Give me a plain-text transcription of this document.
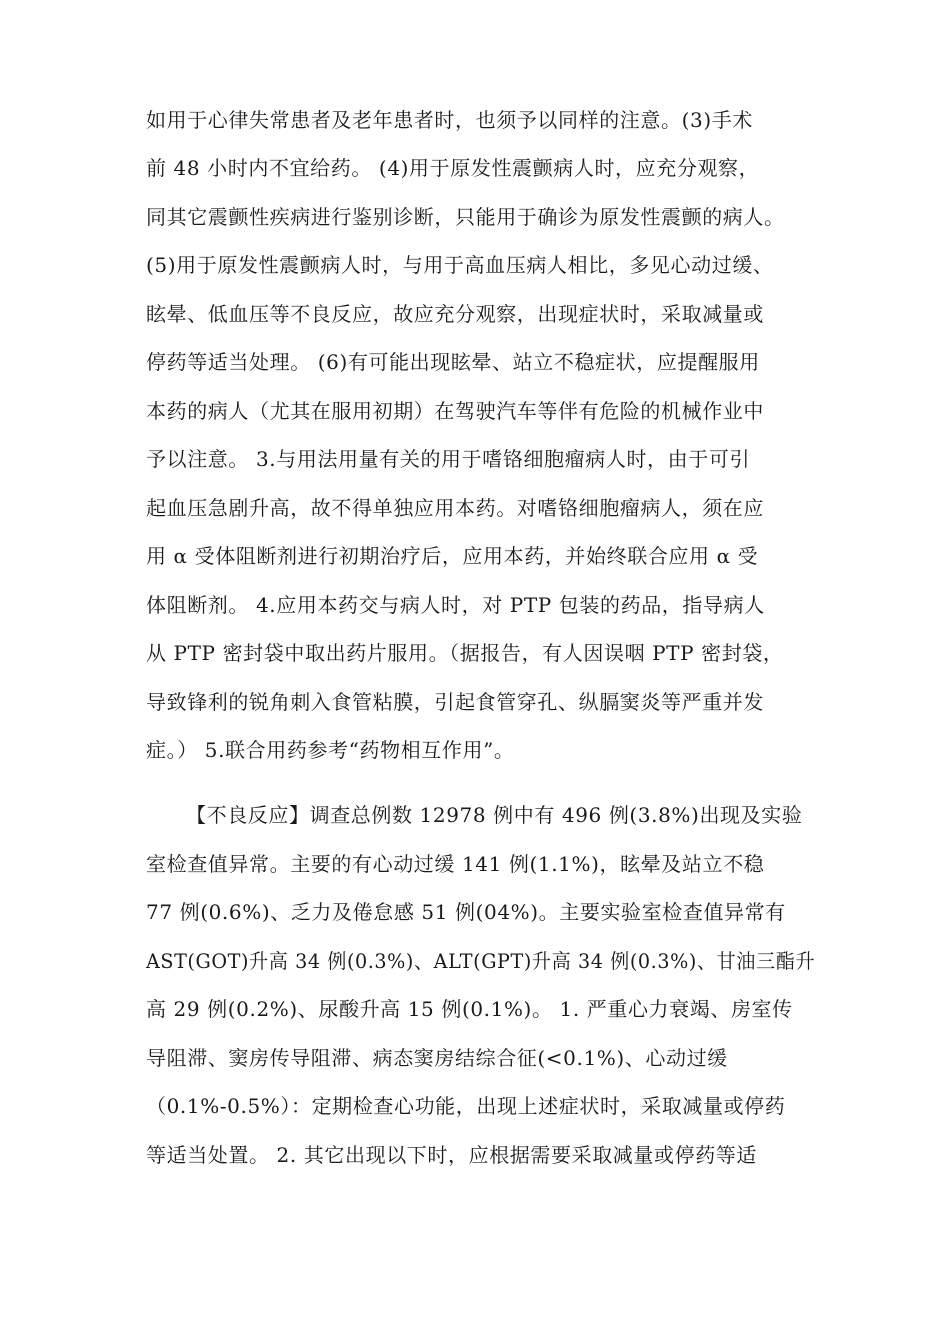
如用于心律失常患者及老年患者时，也须予以同样的注意。(3)手术
前 48 小时内不宜给药。 (4)用于原发性震颤病人时，应充分观察，
同其它震颤性疾病进行鉴别诊断，只能用于确诊为原发性震颤的病人。
(5)用于原发性震颤病人时，与用于高血压病人相比，多见心动过缓、
眩晕、低血压等不良反应，故应充分观察，出现症状时，采取减量或
停药等适当处理。 (6)有可能出现眩晕、站立不稳症状，应提醒服用
本药的病人（尤其在服用初期）在驾驶汽车等伴有危险的机械作业中
予以注意。 3.与用法用量有关的用于嗜铬细胞瘤病人时，由于可引
起血压急剧升高，故不得单独应用本药。对嗜铬细胞瘤病人，须在应
用 α 受体阻断剂进行初期治疗后，应用本药，并始终联合应用 α 受
体阻断剂。 4.应用本药交与病人时，对 PTP 包装的药品，指导病人
从 PTP 密封袋中取出药片服用。（据报告，有人因误咽 PTP 密封袋，
导致锋利的锐角刺入食管粘膜，引起食管穿孔、纵膈窦炎等严重并发
症。） 5.联合用药参考“药物相互作用”。
【不良反应】调查总例数 12978 例中有 496 例(3.8%)出现及实验
室检查值异常。主要的有心动过缓 141 例(1.1%)，眩晕及站立不稳
77 例(0.6%)、乏力及倦怠感 51 例(04%)。主要实验室检查值异常有
AST(GOT)升高 34 例(0.3%)、ALT(GPT)升高 34 例(0.3%)、甘油三酯升
高 29 例(0.2%)、尿酸升高 15 例(0.1%)。 1. 严重心力衰竭、房室传
导阻滞、窦房传导阻滞、病态窦房结综合征(<0.1%)、心动过缓
（0.1%-0.5%）：定期检查心功能，出现上述症状时，采取减量或停药
等适当处置。 2. 其它出现以下时，应根据需要采取减量或停药等适
